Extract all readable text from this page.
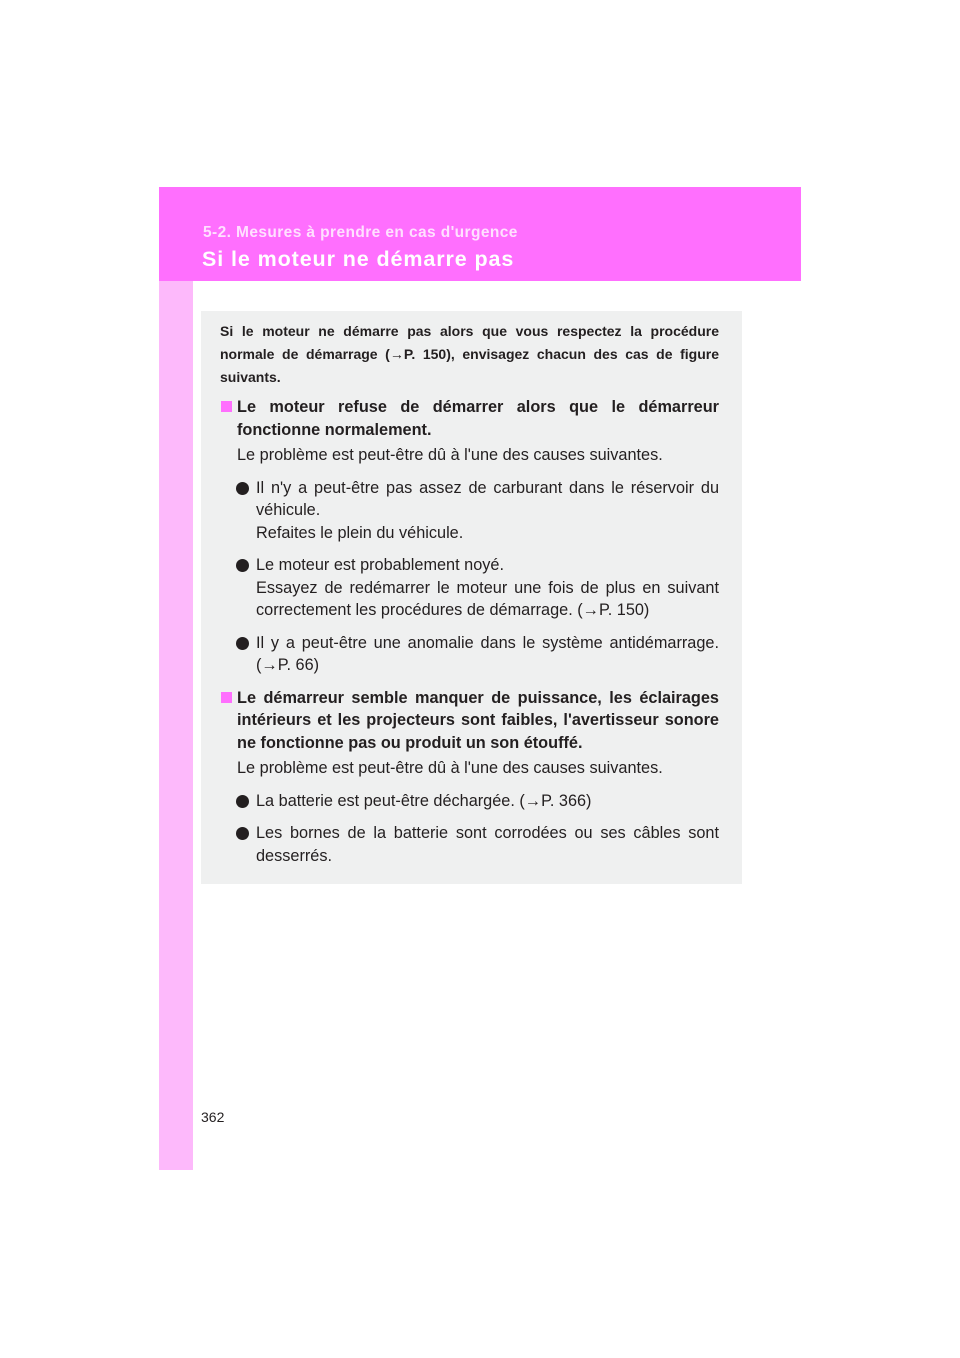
5-2. Mesures à prendre en cas d'urgence
Si le moteur ne démarre pas

Si le moteur ne démarre pas alors que vous respectez la procédure normale de démarrage (→P. 150), envisagez chacun des cas de figure suivants.

Le moteur refuse de démarrer alors que le démarreur fonctionne normalement.
Le problème est peut-être dû à l'une des causes suivantes.
Il n'y a peut-être pas assez de carburant dans le réservoir du véhicule.
Refaites le plein du véhicule.
Le moteur est probablement noyé.
Essayez de redémarrer le moteur une fois de plus en suivant correctement les procédures de démarrage. (→P. 150)
Il y a peut-être une anomalie dans le système antidémarrage. (→P. 66)
Le démarreur semble manquer de puissance, les éclairages intérieurs et les projecteurs sont faibles, l'avertisseur sonore ne fonctionne pas ou produit un son étouffé.
Le problème est peut-être dû à l'une des causes suivantes.
La batterie est peut-être déchargée. (→P. 366)
Les bornes de la batterie sont corrodées ou ses câbles sont desserrés.
362
